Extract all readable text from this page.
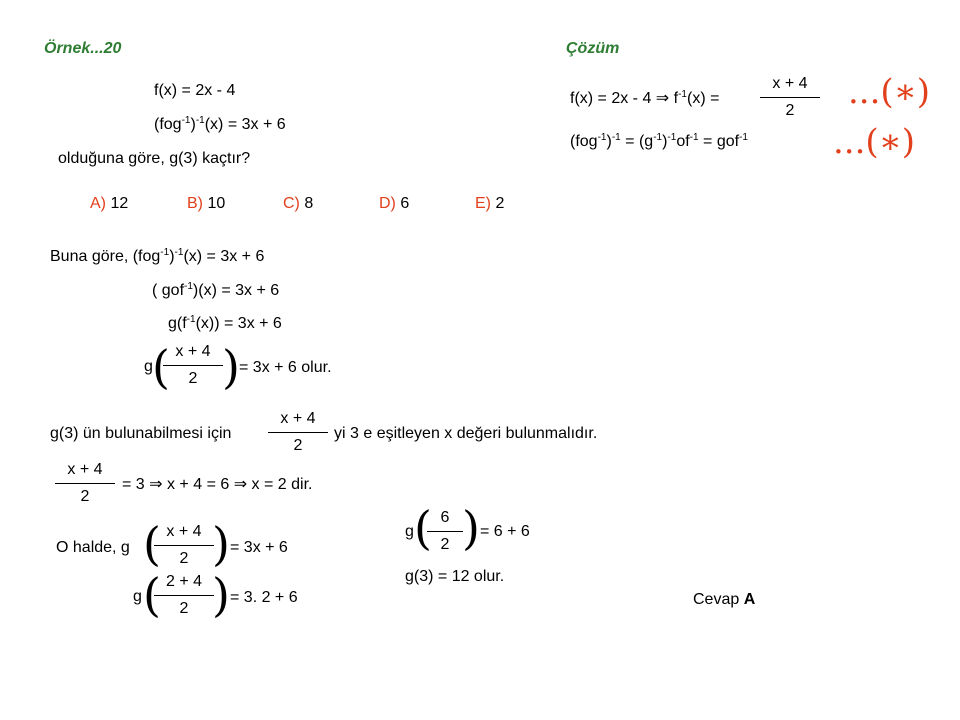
Örnek...20	Çözüm
f(x) = 2x - 4
$(fog^{-1})^{-1}(x) = 3x + 6$
olduğuna göre, g(3) kaçtır?
A) 12	B) 10	C) 8	D) 6	E) 2
f(x) = 2x - 4 ⇒ $f^{-1}(x)$ =
x + 4
2	...(∗)
$(fog^{-1})^{-1} = (g^{-1})^{-1}of^{-1} = gof^{-1}$	...(∗)
Buna göre, $(fog^{-1})^{-1}(x) = 3x + 6$
( gof$^{-1}$)(x) = 3x + 6
$g(f^{-1}(x)) = 3x + 6$
g ( x + 4
2 ) = 3x + 6 olur.
g(3) ün bulunabilmesi için
x + 4
2
yi 3 e eşitleyen x değeri bulunmalıdır.
x + 4
2
= 3 ⇒ x + 4 = 6 ⇒ x = 2 dir.
O halde, g ( x + 4
2 ) = 3x + 6
g ( 2 + 4
2 ) = 3. 2 + 6
g ( 6
2 ) = 6 + 6
g(3) = 12 olur.
Cevap A
